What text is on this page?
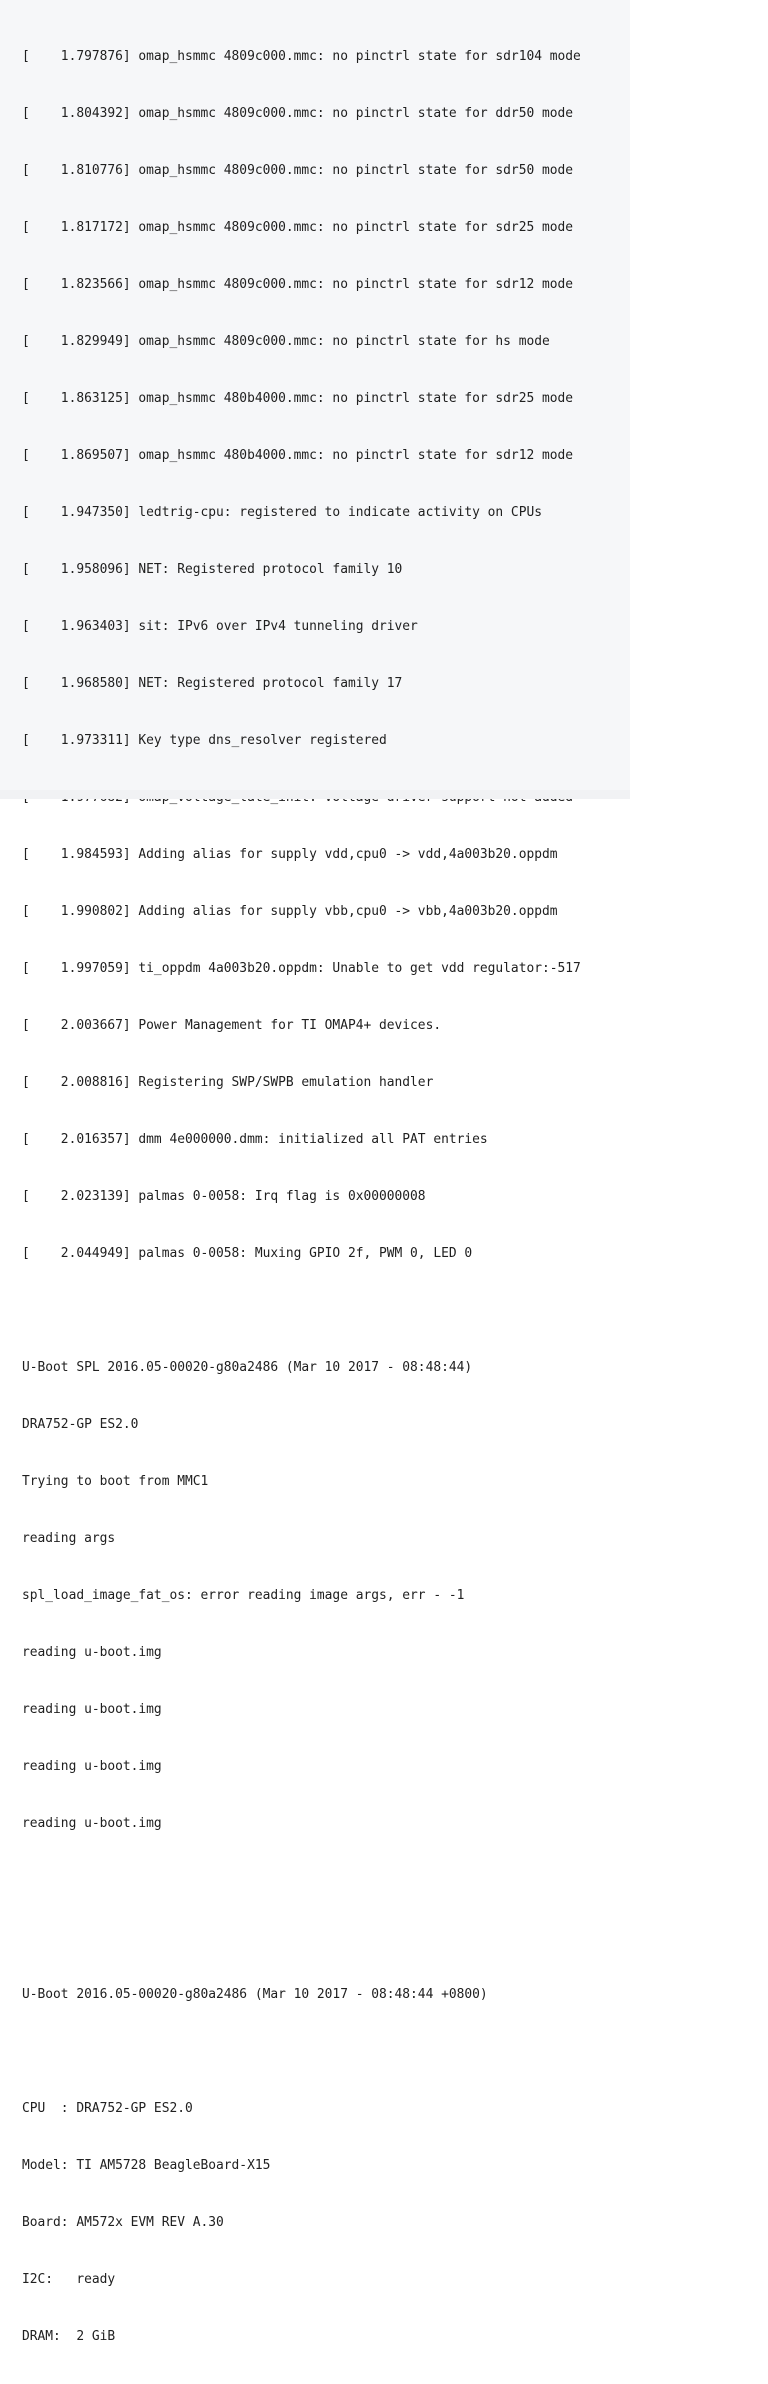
[    1.797876] omap_hsmmc 4809c000.mmc: no pinctrl state for sdr104 mode

[    1.804392] omap_hsmmc 4809c000.mmc: no pinctrl state for ddr50 mode

[    1.810776] omap_hsmmc 4809c000.mmc: no pinctrl state for sdr50 mode

[    1.817172] omap_hsmmc 4809c000.mmc: no pinctrl state for sdr25 mode

[    1.823566] omap_hsmmc 4809c000.mmc: no pinctrl state for sdr12 mode

[    1.829949] omap_hsmmc 4809c000.mmc: no pinctrl state for hs mode

[    1.863125] omap_hsmmc 480b4000.mmc: no pinctrl state for sdr25 mode

[    1.869507] omap_hsmmc 480b4000.mmc: no pinctrl state for sdr12 mode

[    1.947350] ledtrig-cpu: registered to indicate activity on CPUs

[    1.958096] NET: Registered protocol family 10

[    1.963403] sit: IPv6 over IPv4 tunneling driver

[    1.968580] NET: Registered protocol family 17

[    1.973311] Key type dns_resolver registered

[    1.984593] Adding alias for supply vdd,cpu0 -> vdd,4a003b20.oppdm

[    1.990802] Adding alias for supply vbb,cpu0 -> vbb,4a003b20.oppdm

[    1.997059] ti_oppdm 4a003b20.oppdm: Unable to get vdd regulator:-517

[    2.003667] Power Management for TI OMAP4+ devices.

[    2.008816] Registering SWP/SWPB emulation handler

[    2.016357] dmm 4e000000.dmm: initialized all PAT entries

[    2.023139] palmas 0-0058: Irq flag is 0x00000008

[    2.044949] palmas 0-0058: Muxing GPIO 2f, PWM 0, LED 0

U-Boot SPL 2016.05-00020-g80a2486 (Mar 10 2017 - 08:48:44)

DRA752-GP ES2.0

Trying to boot from MMC1

reading args

spl_load_image_fat_os: error reading image args, err - -1

reading u-boot.img

reading u-boot.img

reading u-boot.img

reading u-boot.img

U-Boot 2016.05-00020-g80a2486 (Mar 10 2017 - 08:48:44 +0800)

CPU  : DRA752-GP ES2.0

Model: TI AM5728 BeagleBoard-X15

Board: AM572x EVM REV A.30

I2C:   ready

DRAM:  2 GiB
